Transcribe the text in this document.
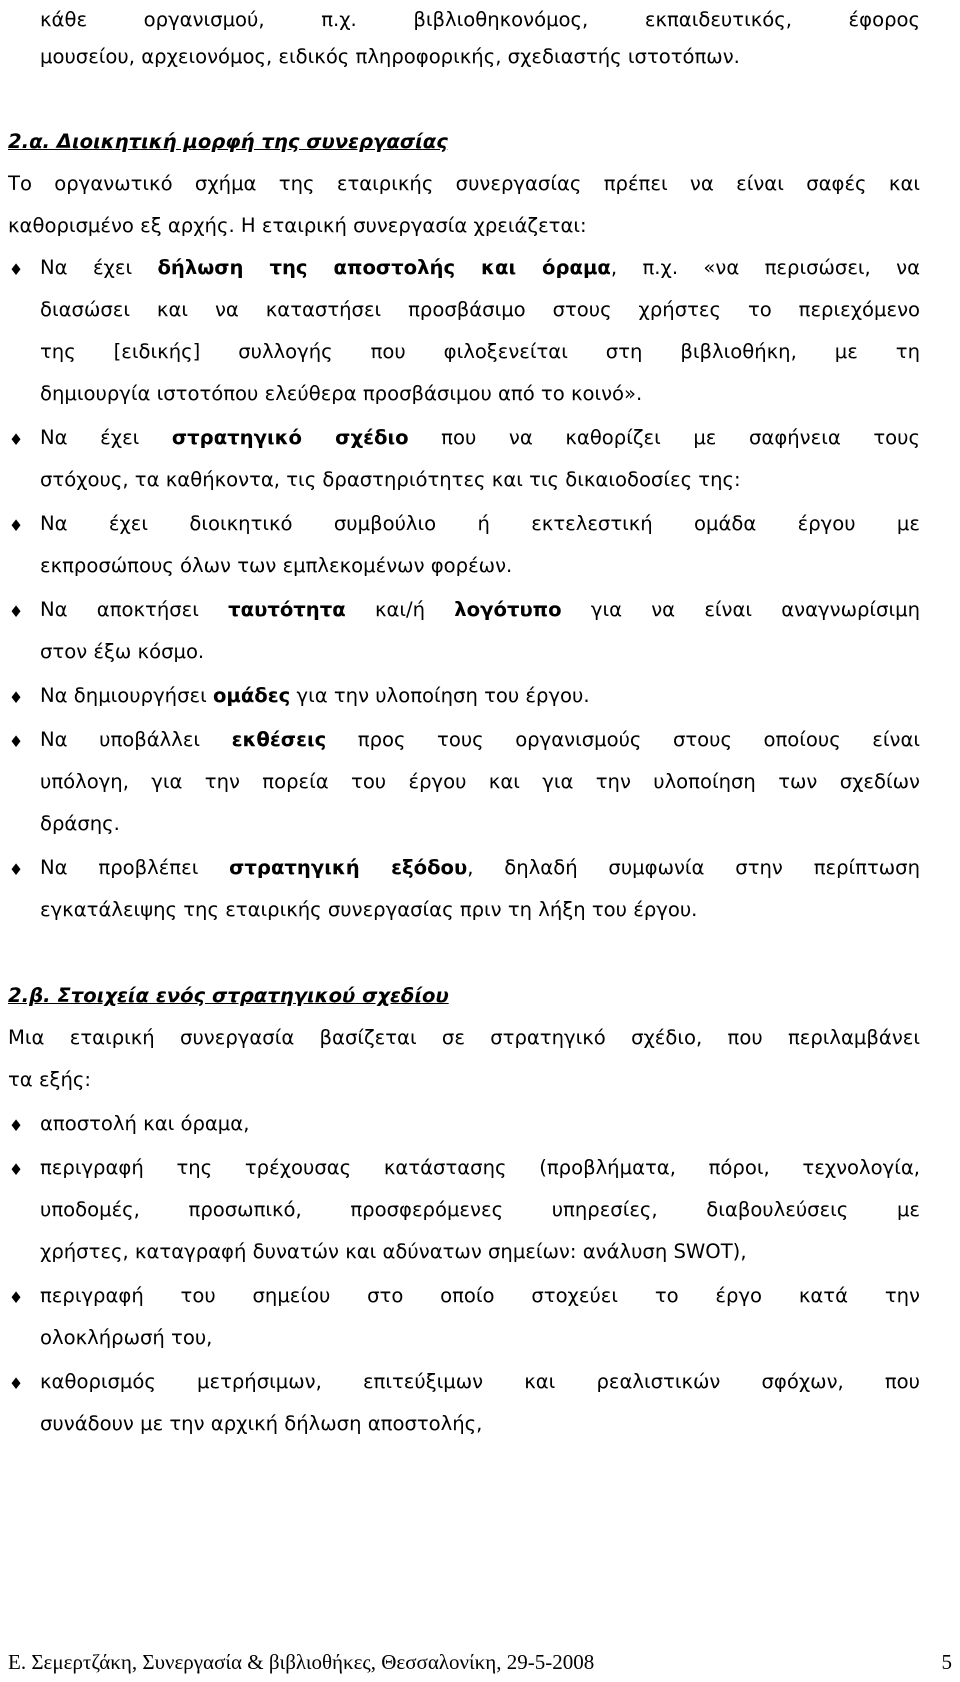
Ε. Σεμερτζάκη, Συνεργασία & βιβλιοθήκες, Θεσσαλονίκη, 29-5-2008	5
κάθε οργανισμού, π.χ. βιβλιοθηκονόμος, εκπαιδευτικός, έφορος
μουσείου, αρχειονόμος, ειδικός πληροφορικής, σχεδιαστής ιστοτόπων.
2.α. Διοικητική μορφή της συνεργασίας
Το οργανωτικό σχήμα της εταιρικής συνεργασίας πρέπει να είναι σαφές και
καθορισμένο εξ αρχής. Η εταιρική συνεργασία χρειάζεται:
♦ Να έχει δήλωση της αποστολής και όραμα, π.χ. «να περισώσει, να
διασώσει και να καταστήσει προσβάσιμο στους χρήστες το περιεχόμενο
της [ειδικής] συλλογής που φιλοξενείται στη βιβλιοθήκη, με τη
δημιουργία ιστοτόπου ελεύθερα προσβάσιμου από το κοινό».
♦ Να έχει στρατηγικό σχέδιο που να καθορίζει με σαφήνεια τους
στόχους, τα καθήκοντα, τις δραστηριότητες και τις δικαιοδοσίες της:
♦ Να έχει διοικητικό συμβούλιο ή εκτελεστική ομάδα έργου με
εκπροσώπους όλων των εμπλεκομένων φορέων.
♦ Να αποκτήσει ταυτότητα και/ή λογότυπο για να είναι αναγνωρίσιμη
στον έξω κόσμο.
♦ Να δημιουργήσει ομάδες για την υλοποίηση του έργου.
♦ Να υποβάλλει εκθέσεις προς τους οργανισμούς στους οποίους είναι
υπόλογη, για την πορεία του έργου και για την υλοποίηση των σχεδίων
δράσης.
♦ Να προβλέπει στρατηγική εξόδου, δηλαδή συμφωνία στην περίπτωση
εγκατάλειψης της εταιρικής συνεργασίας πριν τη λήξη του έργου.
2.β. Στοιχεία ενός στρατηγικού σχεδίου
Μια εταιρική συνεργασία βασίζεται σε στρατηγικό σχέδιο, που περιλαμβάνει
τα εξής:
♦ αποστολή και όραμα,
♦ περιγραφή της τρέχουσας κατάστασης (προβλήματα, πόροι, τεχνολογία,
υποδομές, προσωπικό, προσφερόμενες υπηρεσίες, διαβουλεύσεις με
χρήστες, καταγραφή δυνατών και αδύνατων σημείων: ανάλυση SWOT),
♦ περιγραφή του σημείου στο οποίο στοχεύει το έργο κατά την
ολοκλήρωσή του,
♦ καθορισμός μετρήσιμων, επιτεύξιμων και ρεαλιστικών σφόχων, που
συνάδουν με την αρχική δήλωση αποστολής,
